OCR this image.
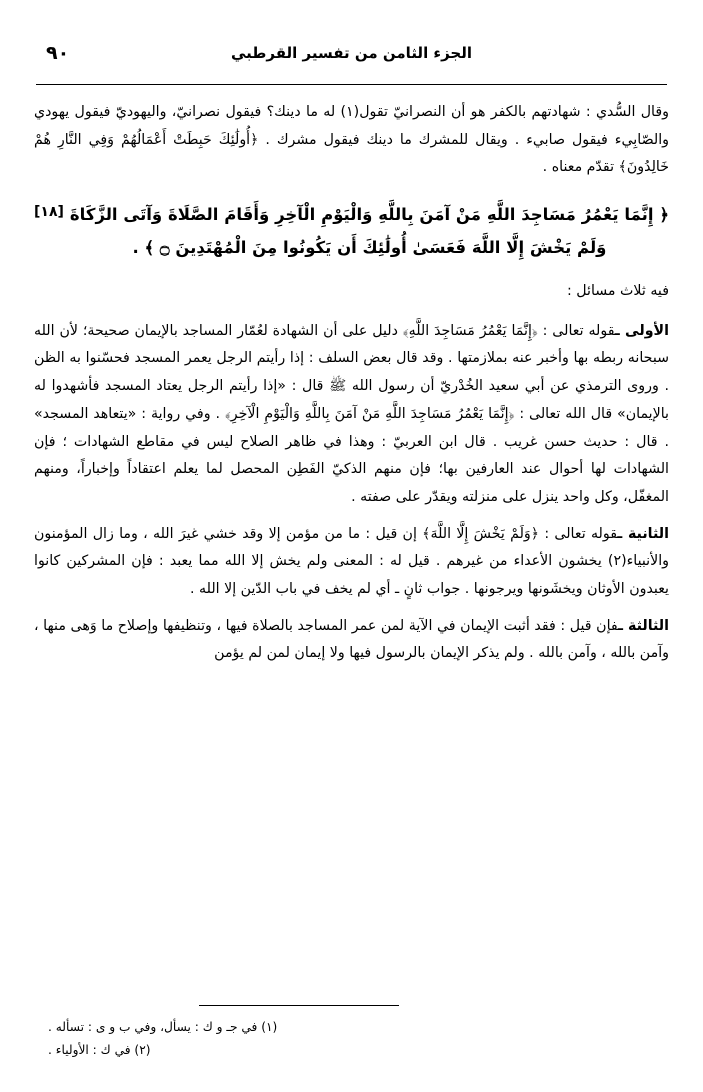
٩٠	الجزء الثامن من تفسير القرطبي

وقال السُّدي : شهادتهم بالكفر هو أن النصرانيّ تقول(١) له ما دينك؟ فيقول نصرانيّ، واليهوديّ فيقول يهودي والصّابِيء فيقول صابيء . ويقال للمشرك ما دينك فيقول مشرك . ﴿أُولَٰئِكَ حَبِطَتْ أَعْمَالُهُمْ وَفِي النَّارِ هُمْ خَالِدُونَ﴾ تقدّم معناه .

[١٨] ﴿ إِنَّمَا يَعْمُرُ مَسَاجِدَ اللَّهِ مَنْ آمَنَ بِاللَّهِ وَالْيَوْمِ الْآخِرِ وَأَقَامَ الصَّلَاةَ وَآتَى الزَّكَاةَ وَلَمْ يَخْشَ إِلَّا اللَّهَ فَعَسَىٰ أُولَٰئِكَ أَن يَكُونُوا مِنَ الْمُهْتَدِينَ ۝ ﴾ .

فيه ثلاث مسائل :

الأولى ـقوله تعالى : ﴿إِنَّمَا يَعْمُرُ مَسَاجِدَ اللَّهِ﴾ دليل على أن الشهادة لعُمّار المساجد بالإيمان صحيحة؛ لأن الله سبحانه ربطه بها وأخبر عنه بملازمتها . وقد قال بعض السلف : إذا رأيتم الرجل يعمر المسجد فحسّنوا به الظن . وروى الترمذي عن أبي سعيد الخُدْريّ أن رسول الله ﷺ قال : «إذا رأيتم الرجل يعتاد المسجد فأشهدوا له بالإيمان» قال الله تعالى : ﴿إِنَّمَا يَعْمُرُ مَسَاجِدَ اللَّهِ مَنْ آمَنَ بِاللَّهِ وَالْيَوْمِ الْآخِرِ﴾ . وفي رواية : «يتعاهد المسجد» . قال : حديث حسن غريب . قال ابن العربيّ : وهذا في ظاهر الصلاح ليس في مقاطع الشهادات ؛ فإن الشهادات لها أحوال عند العارفين بها؛ فإن منهم الذكيّ الفَطِن المحصل لما يعلم اعتقاداً وإخباراً، ومنهم المغفّل، وكل واحد ينزل على منزلته ويقدّر على صفته .

الثانية ـقوله تعالى : ﴿وَلَمْ يَخْشَ إِلَّا اللَّهَ﴾ إن قيل : ما من مؤمن إلا وقد خشي غيرَ الله ، وما زال المؤمنون والأنبياء(٢) يخشون الأعداء من غيرهم . قيل له : المعنى ولم يخش إلا الله مما يعبد : فإن المشركين كانوا يعبدون الأوثان ويخشَونها ويرجونها . جواب ثانٍ ـ أي لم يخف في باب الدّين إلا الله .

الثالثة ـفإن قيل : فقد أثبت الإيمان في الآية لمن عمر المساجد بالصلاة فيها ، وتنظيفها وإصلاح ما وَهى منها ، وآمن بالله ، وآمن بالله . ولم يذكر الإيمان بالرسول فيها ولا إيمان لمن لم يؤمن

(١) في جـ و ك : يسأل، وفي ب و ى : تسأله .
(٢) في ك : الأولياء .
